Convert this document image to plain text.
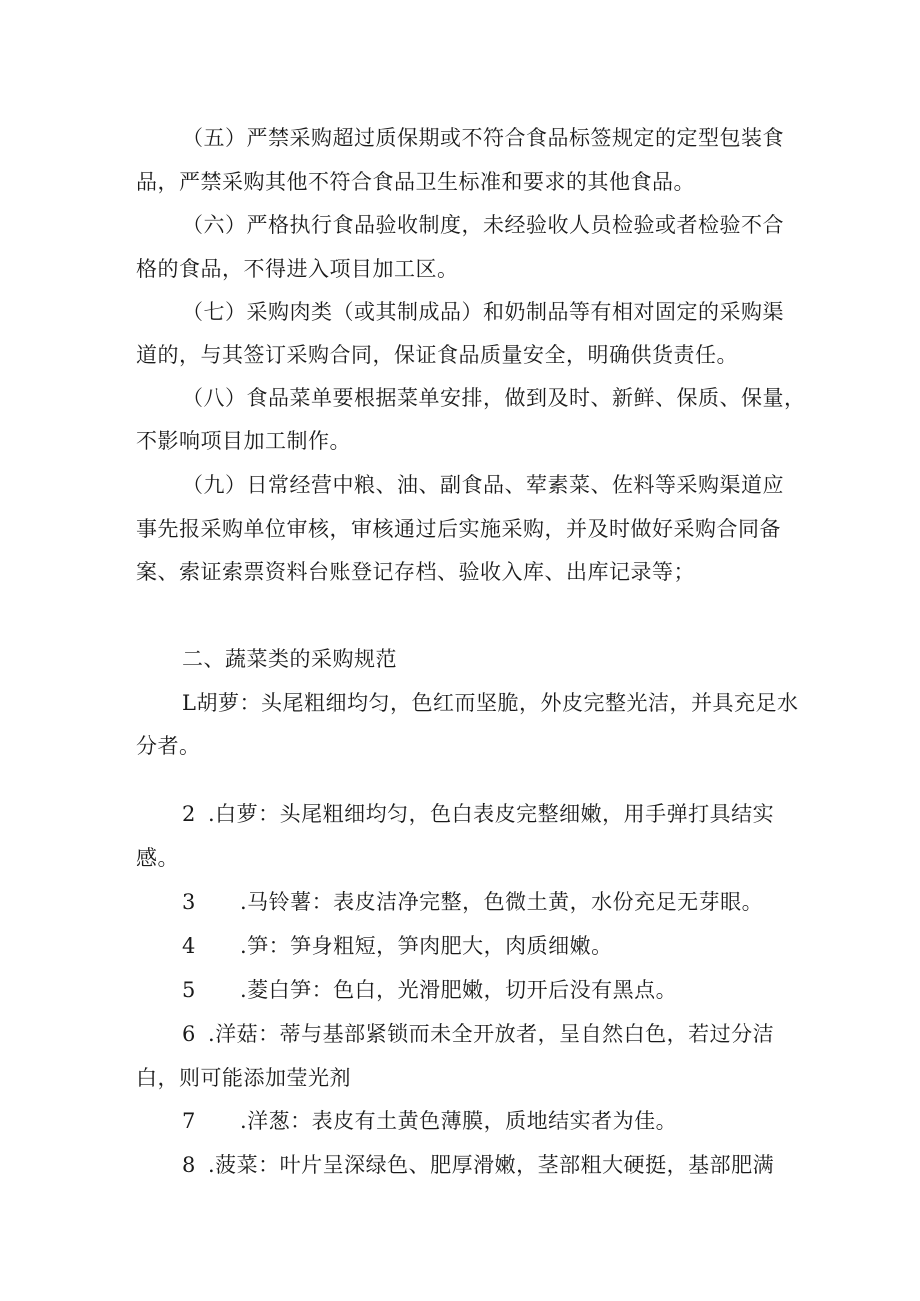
（五）严禁采购超过质保期或不符合食品标签规定的定型包装食
品，严禁采购其他不符合食品卫生标准和要求的其他食品。
（六）严格执行食品验收制度，未经验收人员检验或者检验不合
格的食品，不得进入项目加工区。
（七）采购肉类（或其制成品）和奶制品等有相对固定的采购渠
道的，与其签订采购合同，保证食品质量安全，明确供货责任。
（八）食品菜单要根据菜单安排，做到及时、新鲜、保质、保量，
不影响项目加工制作。
（九）日常经营中粮、油、副食品、荤素菜、佐料等采购渠道应
事先报采购单位审核，审核通过后实施采购，并及时做好采购合同备
案、索证索票资料台账登记存档、验收入库、出库记录等；
二、蔬菜类的采购规范
L胡萝：头尾粗细均匀，色红而坚脆，外皮完整光洁，并具充足水
分者。
2 .白萝：头尾粗细均匀，色白表皮完整细嫩，用手弹打具结实
感。
3 .马铃薯：表皮洁净完整，色微土黄，水份充足无芽眼。
4 .笋：笋身粗短，笋肉肥大，肉质细嫩。
5 .菱白笋：色白，光滑肥嫩，切开后没有黑点。
6 .洋菇：蒂与基部紧锁而未全开放者，呈自然白色，若过分洁
白，则可能添加莹光剂
7 .洋葱：表皮有土黄色薄膜，质地结实者为佳。
8 .菠菜：叶片呈深绿色、肥厚滑嫩，茎部粗大硬挺，基部肥满
